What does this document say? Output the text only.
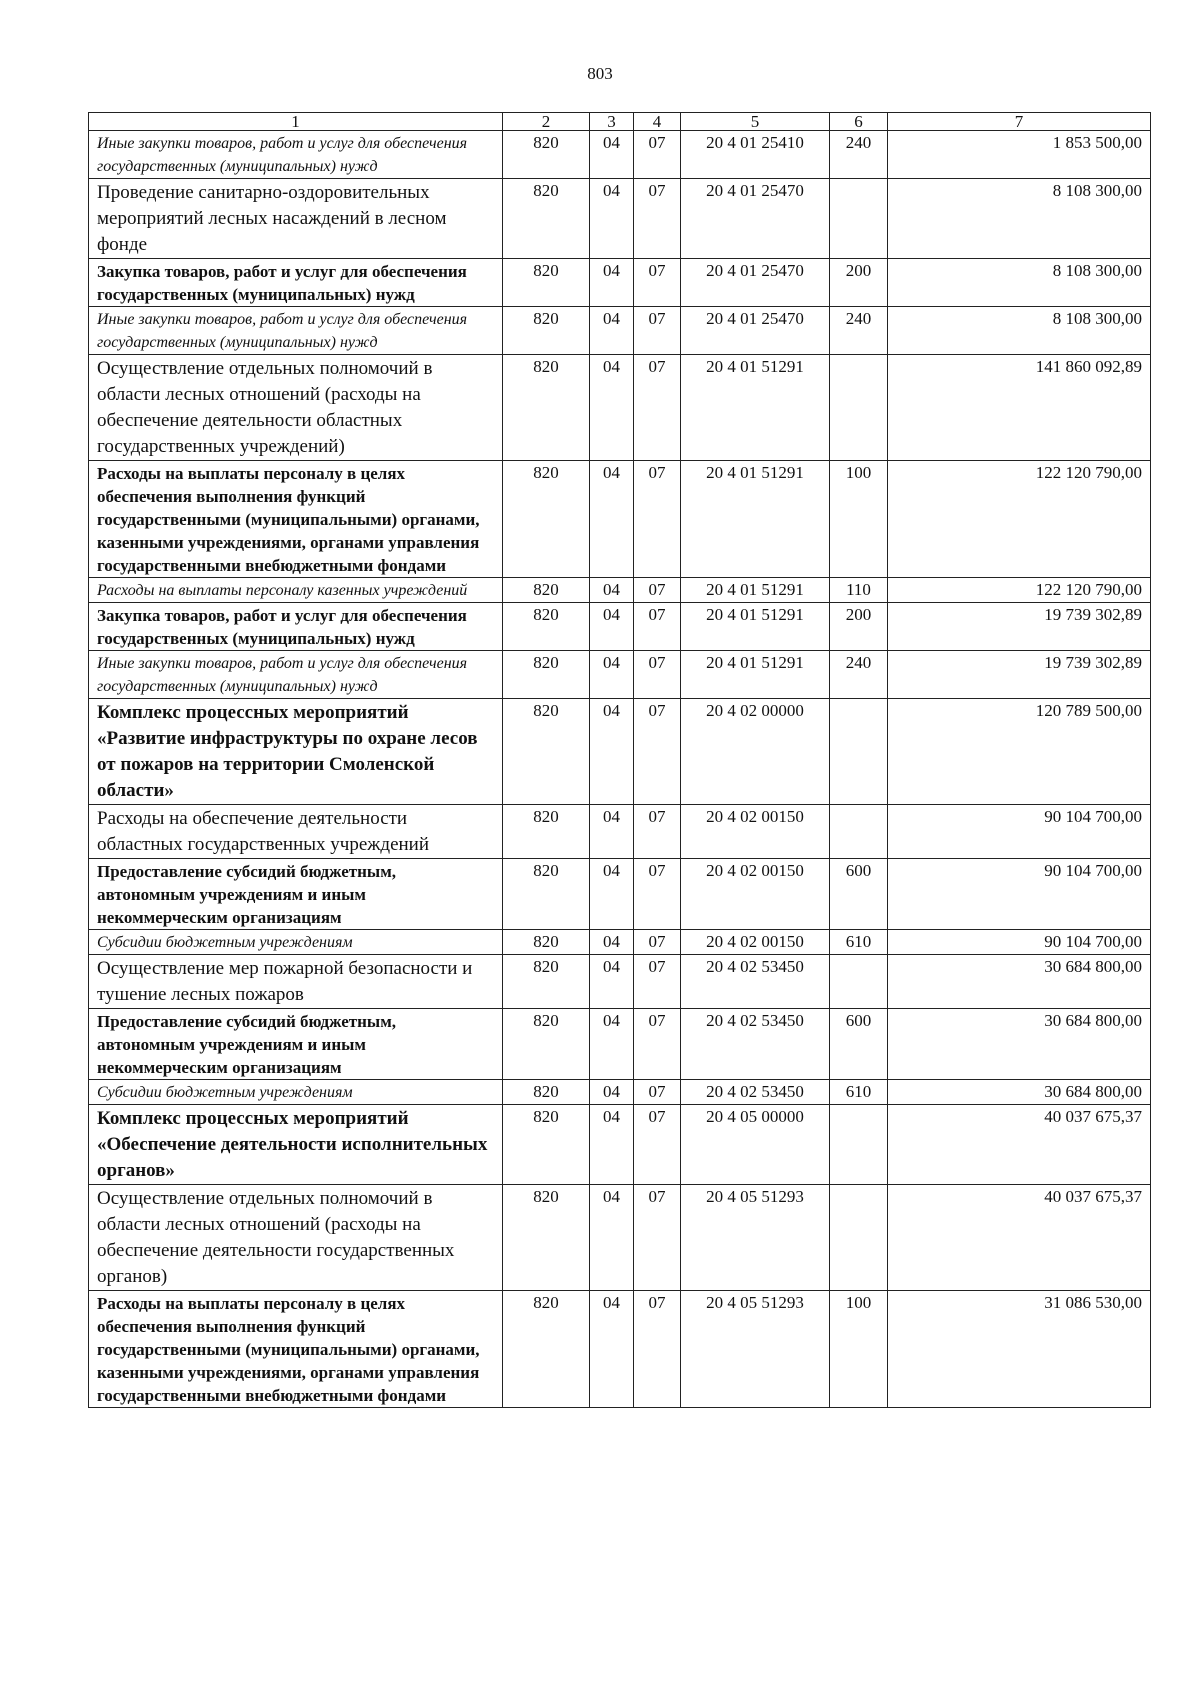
803
1	2	3	4	5	6	7
Иные закупки товаров, работ и услуг для обеспечения государственных (муниципальных) нужд	820	04	07	20 4 01 25410	240	1 853 500,00
Проведение санитарно-оздоровительных мероприятий лесных насаждений в лесном фонде	820	04	07	20 4 01 25470		8 108 300,00
Закупка товаров, работ и услуг для обеспечения государственных (муниципальных) нужд	820	04	07	20 4 01 25470	200	8 108 300,00
Иные закупки товаров, работ и услуг для обеспечения государственных (муниципальных) нужд	820	04	07	20 4 01 25470	240	8 108 300,00
Осуществление отдельных полномочий в области лесных отношений (расходы на обеспечение деятельности областных государственных учреждений)	820	04	07	20 4 01 51291		141 860 092,89
Расходы на выплаты персоналу в целях обеспечения выполнения функций государственными (муниципальными) органами, казенными учреждениями, органами управления государственными внебюджетными фондами	820	04	07	20 4 01 51291	100	122 120 790,00
Расходы на выплаты персоналу казенных учреждений	820	04	07	20 4 01 51291	110	122 120 790,00
Закупка товаров, работ и услуг для обеспечения государственных (муниципальных) нужд	820	04	07	20 4 01 51291	200	19 739 302,89
Иные закупки товаров, работ и услуг для обеспечения государственных (муниципальных) нужд	820	04	07	20 4 01 51291	240	19 739 302,89
Комплекс процессных мероприятий «Развитие инфраструктуры по охране лесов от пожаров на территории Смоленской области»	820	04	07	20 4 02 00000		120 789 500,00
Расходы на обеспечение деятельности областных государственных учреждений	820	04	07	20 4 02 00150		90 104 700,00
Предоставление субсидий бюджетным, автономным учреждениям и иным некоммерческим организациям	820	04	07	20 4 02 00150	600	90 104 700,00
Субсидии бюджетным учреждениям	820	04	07	20 4 02 00150	610	90 104 700,00
Осуществление мер пожарной безопасности и тушение лесных пожаров	820	04	07	20 4 02 53450		30 684 800,00
Предоставление субсидий бюджетным, автономным учреждениям и иным некоммерческим организациям	820	04	07	20 4 02 53450	600	30 684 800,00
Субсидии бюджетным учреждениям	820	04	07	20 4 02 53450	610	30 684 800,00
Комплекс процессных мероприятий «Обеспечение деятельности исполнительных органов»	820	04	07	20 4 05 00000		40 037 675,37
Осуществление отдельных полномочий в области лесных отношений (расходы на обеспечение деятельности государственных органов)	820	04	07	20 4 05 51293		40 037 675,37
Расходы на выплаты персоналу в целях обеспечения выполнения функций государственными (муниципальными) органами, казенными учреждениями, органами управления государственными внебюджетными фондами	820	04	07	20 4 05 51293	100	31 086 530,00
